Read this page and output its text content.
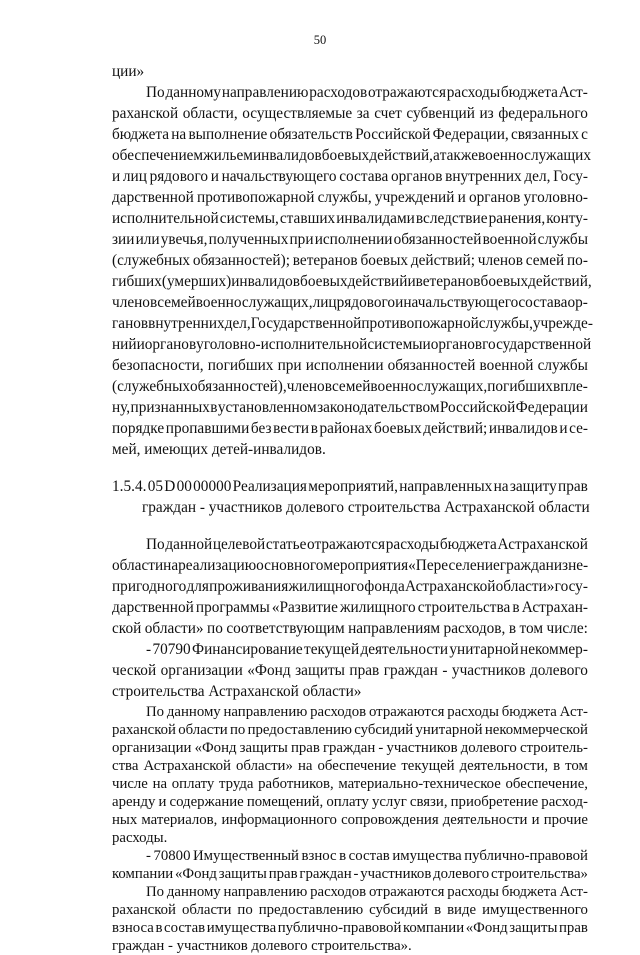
50
ции»
По данному направлению расходов отражаются расходы бюджета Аст-
раханской области, осуществляемые за счет субвенций из федерального
бюджета на выполнение обязательств Российской Федерации, связанных с
обеспечением жильем инвалидов боевых действий, а также военнослужащих
и лиц рядового и начальствующего состава органов внутренних дел, Госу-
дарственной противопожарной службы, учреждений и органов уголовно-
исполнительной системы, ставших инвалидами вследствие ранения, конту-
зии или увечья, полученных при исполнении обязанностей военной службы
(служебных обязанностей); ветеранов боевых действий; членов семей по-
гибших (умерших) инвалидов боевых действий и ветеранов боевых действий,
членов семей военнослужащих, лиц рядового и начальствующего состава ор-
ганов внутренних дел, Государственной противопожарной службы, учрежде-
ний и органов уголовно-исполнительной системы и органов государственной
безопасности, погибших при исполнении обязанностей военной службы
(служебных обязанностей), членов семей военнослужащих, погибших в пле-
ну, признанных в установленном законодательством Российской Федерации
порядке пропавшими без вести в районах боевых действий; инвалидов и се-
мей, имеющих детей-инвалидов.
1.5.4. 05 D 00 00000 Реализация мероприятий, направленных на защиту прав
граждан - участников долевого строительства Астраханской области
По данной целевой статье отражаются расходы бюджета Астраханской
области на реализацию основного мероприятия «Переселение граждан из не-
пригодного для проживания жилищного фонда Астраханской области» госу-
дарственной программы «Развитие жилищного строительства в Астрахан-
ской области» по соответствующим направлениям расходов, в том числе:
- 70790 Финансирование текущей деятельности унитарной некоммер-
ческой организации «Фонд защиты прав граждан - участников долевого
строительства Астраханской области»
По данному направлению расходов отражаются расходы бюджета Аст-
раханской области по предоставлению субсидий унитарной некоммерческой
организации «Фонд защиты прав граждан - участников долевого строитель-
ства Астраханской области» на обеспечение текущей деятельности, в том
числе на оплату труда работников, материально-техническое обеспечение,
аренду и содержание помещений, оплату услуг связи, приобретение расход-
ных материалов, информационного сопровождения деятельности и прочие
расходы.
- 70800 Имущественный взнос в состав имущества публично-правовой
компании «Фонд защиты прав граждан - участников долевого строительства»
По данному направлению расходов отражаются расходы бюджета Аст-
раханской области по предоставлению субсидий в виде имущественного
взноса в состав имущества публично-правовой компании «Фонд защиты прав
граждан - участников долевого строительства».
